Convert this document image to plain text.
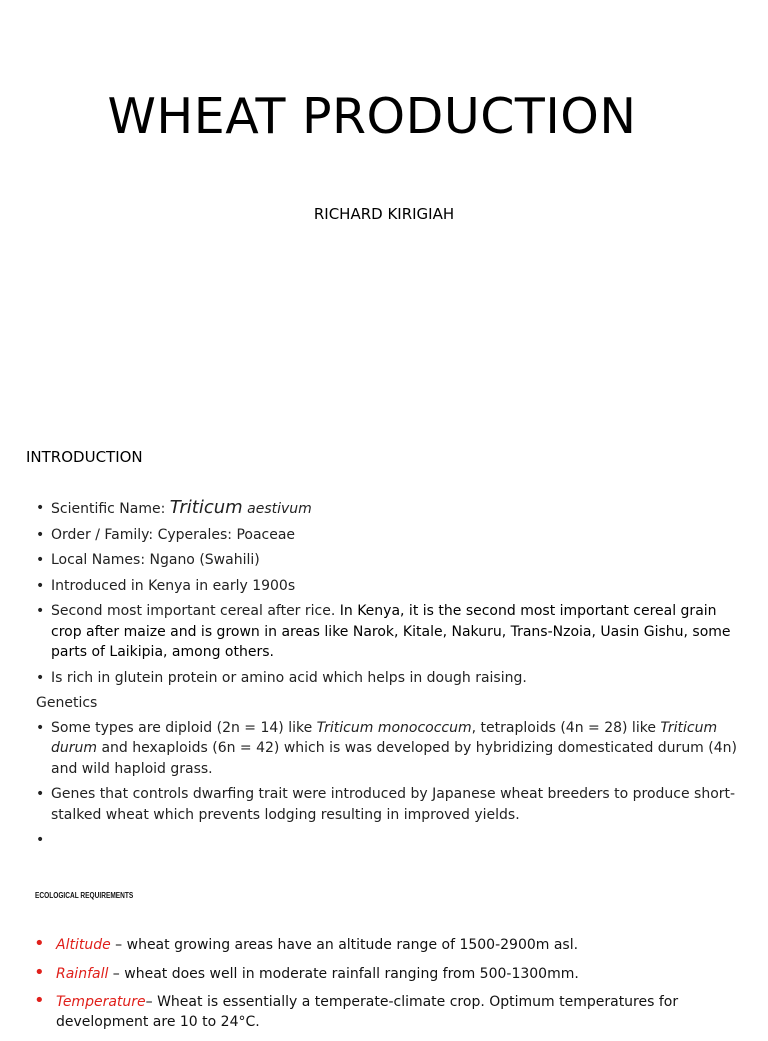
WHEAT PRODUCTION
RICHARD KIRIGIAH
INTRODUCTION
• Scientific Name: Triticum aestivum
• Order / Family: Cyperales: Poaceae
• Local Names: Ngano (Swahili)
• Introduced in Kenya in early 1900s
• Second most important cereal after rice. In Kenya, it is the second most important cereal grain crop after maize and is grown in areas like Narok, Kitale, Nakuru, Trans-Nzoia, Uasin Gishu, some parts of Laikipia, among others.
• Is rich in glutein protein or amino acid which helps in dough raising.
Genetics
• Some types are diploid (2n = 14) like Triticum monococcum, tetraploids (4n = 28) like Triticum durum and hexaploids (6n = 42) which is was developed by hybridizing domesticated durum (4n) and wild haploid grass.
• Genes that controls dwarfing trait were introduced by Japanese wheat breeders to produce short-stalked wheat which prevents lodging resulting in improved yields.
•
ECOLOGICAL REQUIREMENTS
• Altitude – wheat growing areas have an altitude range of 1500-2900m asl.
• Rainfall – wheat does well in moderate rainfall ranging from 500-1300mm.
• Temperature– Wheat is essentially a temperate-climate crop. Optimum temperatures for development are 10 to 24°C.
